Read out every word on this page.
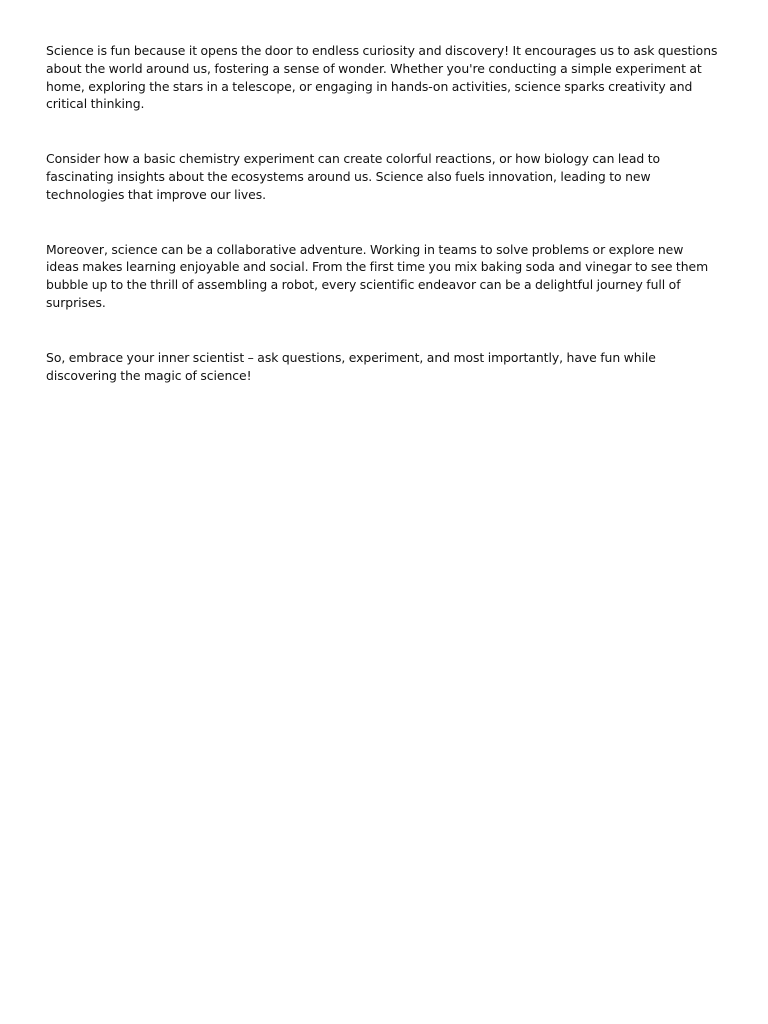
Science is fun because it opens the door to endless curiosity and discovery! It encourages us to ask questions about the world around us, fostering a sense of wonder. Whether you're conducting a simple experiment at home, exploring the stars in a telescope, or engaging in hands-on activities, science sparks creativity and critical thinking.

Consider how a basic chemistry experiment can create colorful reactions, or how biology can lead to fascinating insights about the ecosystems around us. Science also fuels innovation, leading to new technologies that improve our lives.

Moreover, science can be a collaborative adventure. Working in teams to solve problems or explore new ideas makes learning enjoyable and social. From the first time you mix baking soda and vinegar to see them bubble up to the thrill of assembling a robot, every scientific endeavor can be a delightful journey full of surprises.

So, embrace your inner scientist – ask questions, experiment, and most importantly, have fun while discovering the magic of science!
